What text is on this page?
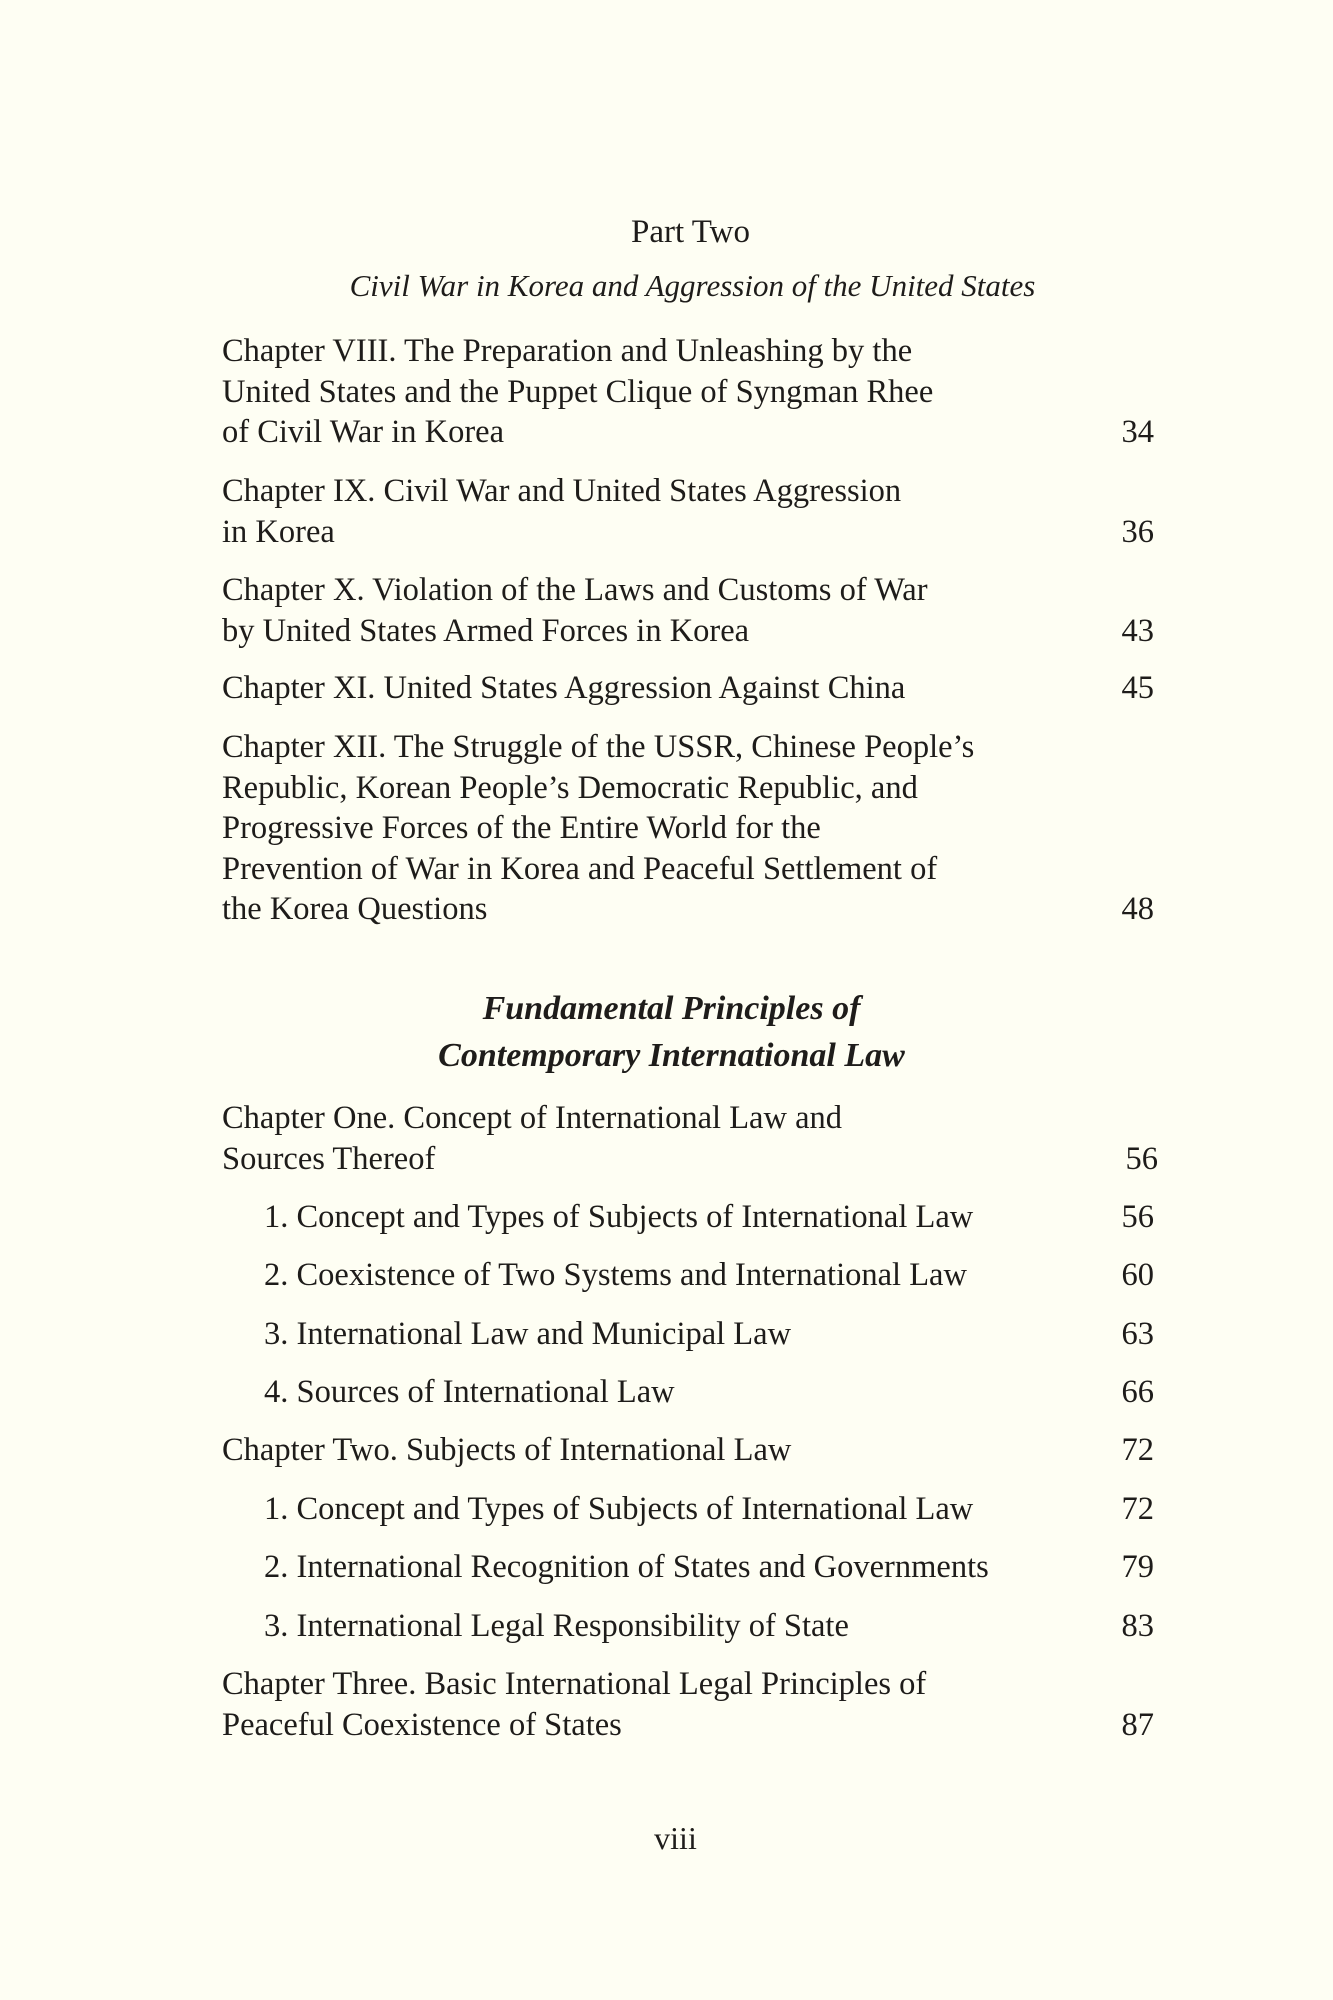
Part Two
Civil War in Korea and Aggression of the United States
Chapter VIII. The Preparation and Unleashing by the
United States and the Puppet Clique of Syngman Rhee
of Civil War in Korea	34
Chapter IX. Civil War and United States Aggression
in Korea	36
Chapter X. Violation of the Laws and Customs of War
by United States Armed Forces in Korea	43
Chapter XI. United States Aggression Against China	45
Chapter XII. The Struggle of the USSR, Chinese People’s
Republic, Korean People’s Democratic Republic, and
Progressive Forces of the Entire World for the
Prevention of War in Korea and Peaceful Settlement of
the Korea Questions	48
Fundamental Principles of
Contemporary International Law
Chapter One. Concept of International Law and
Sources Thereof	56
1. Concept and Types of Subjects of International Law	56
2. Coexistence of Two Systems and International Law	60
3. International Law and Municipal Law	63
4. Sources of International Law	66
Chapter Two. Subjects of International Law	72
1. Concept and Types of Subjects of International Law	72
2. International Recognition of States and Governments	79
3. International Legal Responsibility of State	83
Chapter Three. Basic International Legal Principles of
Peaceful Coexistence of States	87
viii
